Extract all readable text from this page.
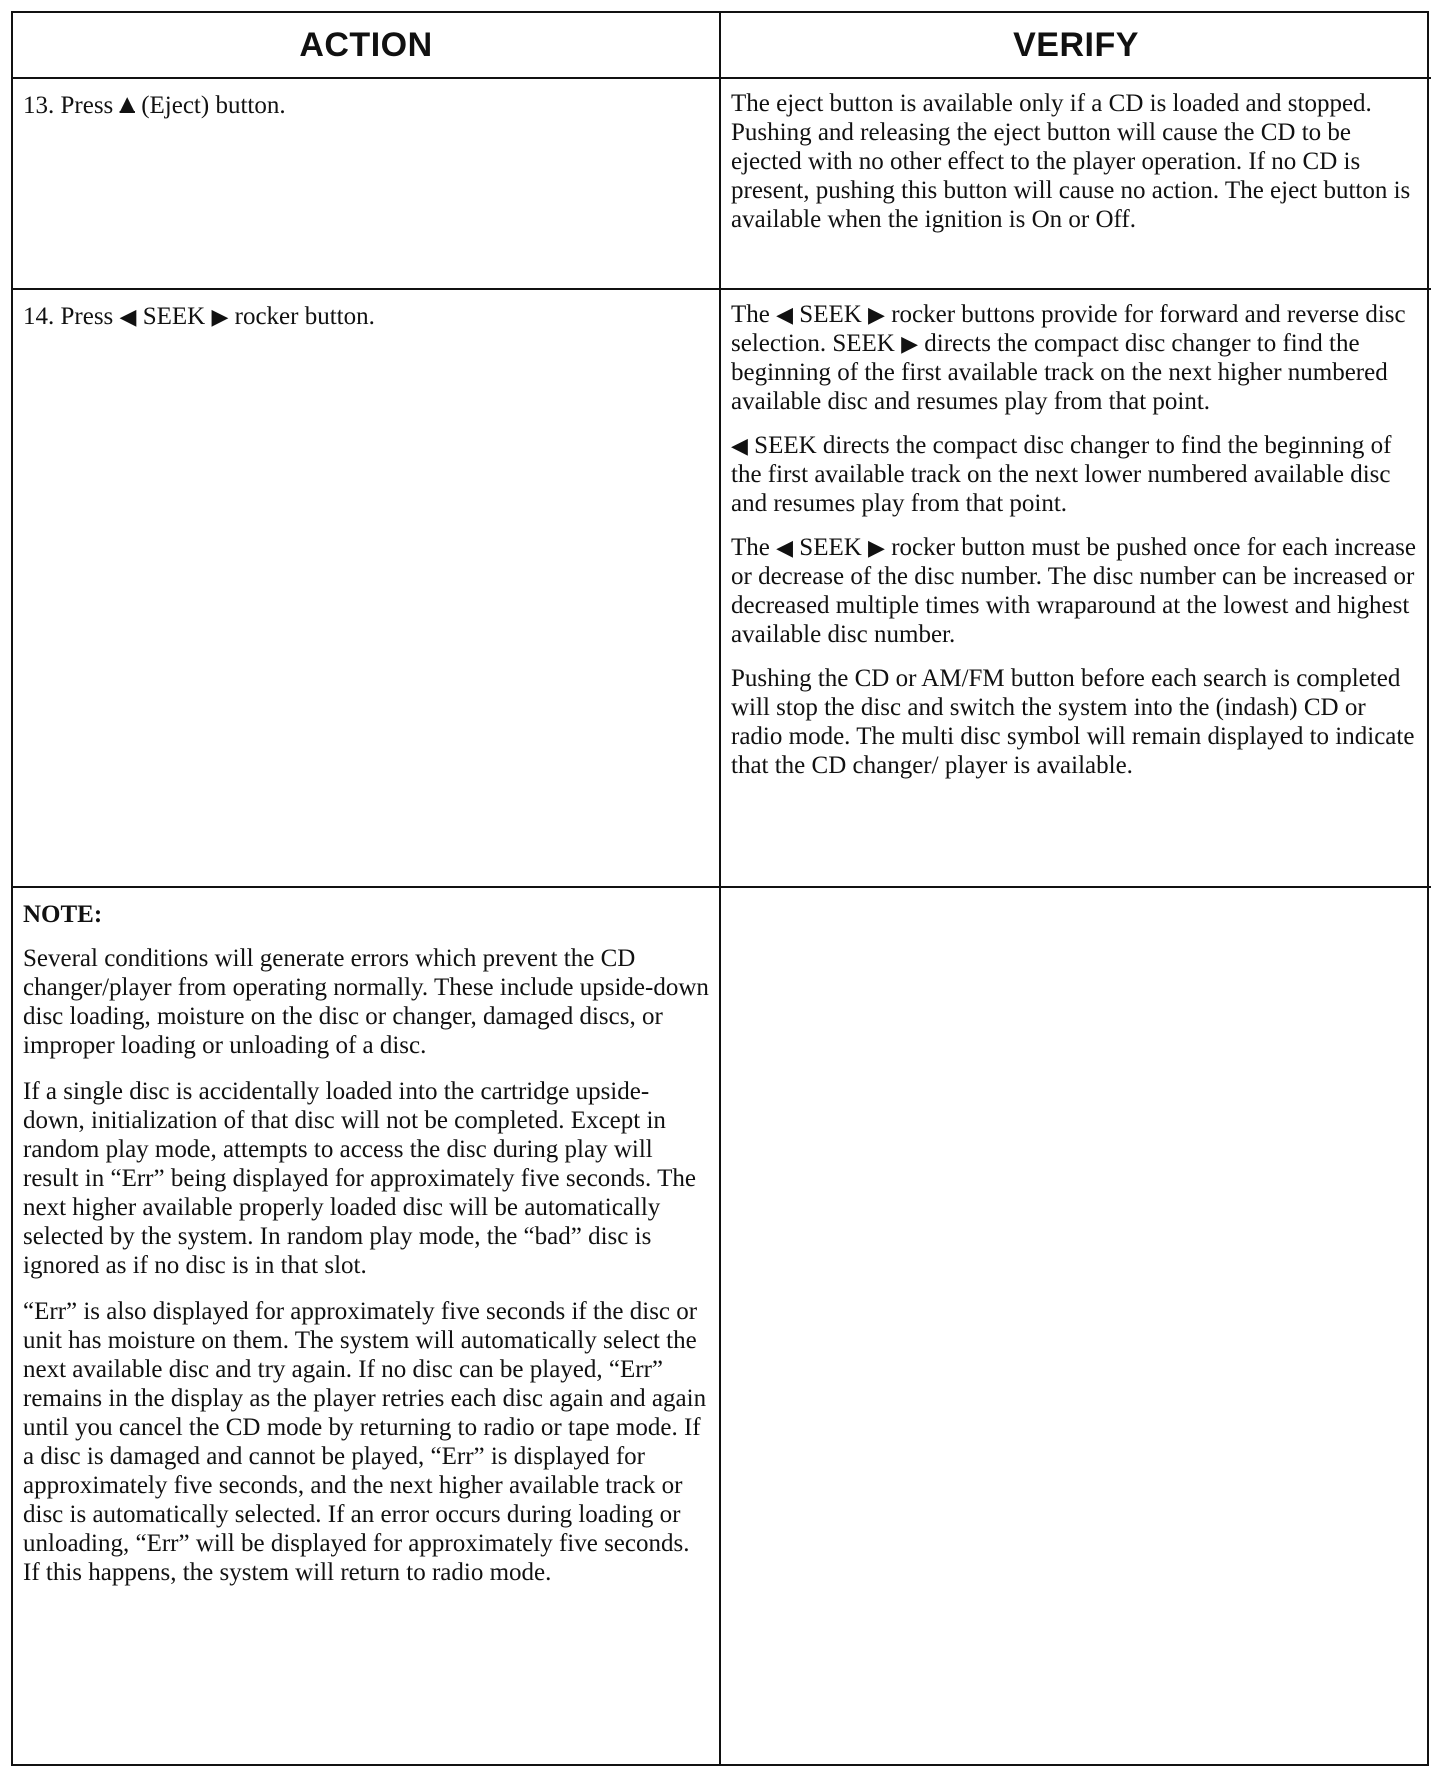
ACTION	VERIFY

13. Press ▲ (Eject) button.	The eject button is available only if a CD is loaded and stopped. Pushing and releasing the eject button will cause the CD to be ejected with no other effect to the player operation. If no CD is present, pushing this button will cause no action. The eject button is available when the ignition is On or Off.

14. Press ◀ SEEK ▶ rocker button.	The ◀ SEEK ▶ rocker buttons provide for forward and reverse disc selection. SEEK ▶ directs the compact disc changer to find the beginning of the first available track on the next higher numbered available disc and resumes play from that point.

◀ SEEK directs the compact disc changer to find the beginning of the first available track on the next lower numbered available disc and resumes play from that point.

The ◀ SEEK ▶ rocker button must be pushed once for each increase or decrease of the disc number. The disc number can be increased or decreased multiple times with wraparound at the lowest and highest available disc number.

Pushing the CD or AM/FM button before each search is completed will stop the disc and switch the system into the (indash) CD or radio mode. The multi disc symbol will remain displayed to indicate that the CD changer/ player is available.

NOTE:

Several conditions will generate errors which prevent the CD changer/player from operating normally. These include upside-down disc loading, moisture on the disc or changer, damaged discs, or improper loading or unloading of a disc.

If a single disc is accidentally loaded into the cartridge upside-down, initialization of that disc will not be completed. Except in random play mode, attempts to access the disc during play will result in “Err” being displayed for approximately five seconds. The next higher available properly loaded disc will be automatically selected by the system. In random play mode, the “bad” disc is ignored as if no disc is in that slot.

“Err” is also displayed for approximately five seconds if the disc or unit has moisture on them. The system will automatically select the next available disc and try again. If no disc can be played, “Err” remains in the display as the player retries each disc again and again until you cancel the CD mode by returning to radio or tape mode. If a disc is damaged and cannot be played, “Err” is displayed for approximately five seconds, and the next higher available track or disc is automatically selected. If an error occurs during loading or unloading, “Err” will be displayed for approximately five seconds. If this happens, the system will return to radio mode.
